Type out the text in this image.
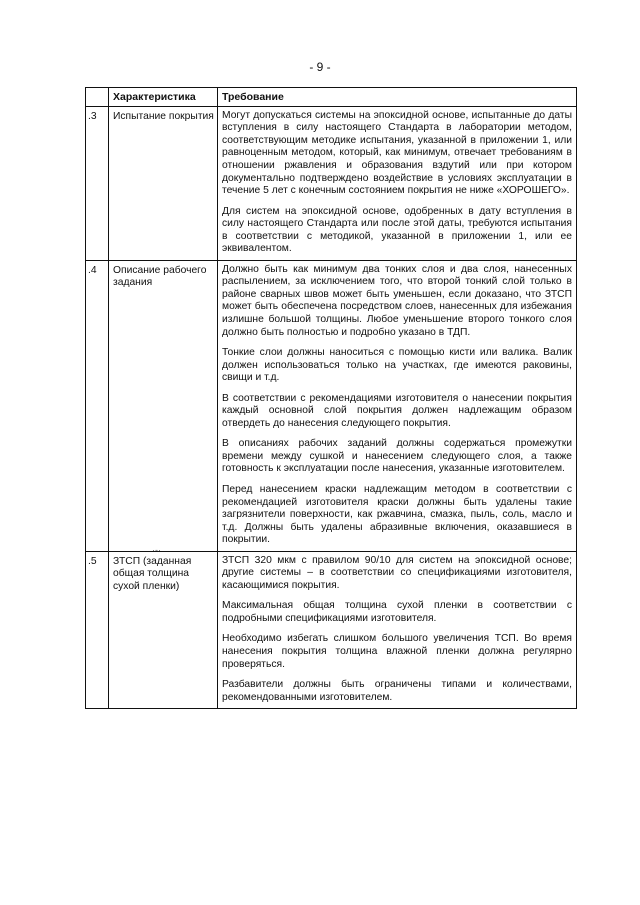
- 9 -
	Характеристика	Требование
.3	Испытание покрытия	Могут допускаться системы на эпоксидной основе, испытанные до даты вступления в силу настоящего Стандарта в лаборатории методом, соответствующим методике испытания, указанной в приложении 1, или равноценным методом, который, как минимум, отвечает требованиям в отношении ржавления и образования вздутий или при котором документально подтверждено воздействие в условиях эксплуатации в течение 5 лет с конечным состоянием покрытия не ниже «ХОРОШЕГО».

Для систем на эпоксидной основе, одобренных в дату вступления в силу настоящего Стандарта или после этой даты, требуются испытания в соответствии с методикой, указанной в приложении 1, или ее эквивалентом.

.4	Описание рабочего задания	Должно быть как минимум два тонких слоя и два слоя, нанесенных распылением, за исключением того, что второй тонкий слой только в районе сварных швов может быть уменьшен, если доказано, что ЗТСП может быть обеспечена посредством слоев, нанесенных для избежания излишне большой толщины. Любое уменьшение второго тонкого слоя должно быть полностью и подробно указано в ТДП.

Тонкие слои должны наноситься с помощью кисти или валика. Валик должен использоваться только на участках, где имеются раковины, свищи и т.д.

В соответствии с рекомендациями изготовителя о нанесении покрытия каждый основной слой покрытия должен надлежащим образом отвердеть до нанесения следующего покрытия.

В описаниях рабочих заданий должны содержаться промежутки времени между сушкой и нанесением следующего слоя, а также готовность к эксплуатации после нанесения, указанные изготовителем.

Перед нанесением краски надлежащим методом в соответствии с рекомендацией изготовителя краски должны быть удалены такие загрязнители поверхности, как ржавчина, смазка, пыль, соль, масло и т.д. Должны быть удалены абразивные включения, оказавшиеся в покрытии.

.5	ЗТСП (заданная общая толщина сухой пленки)	ЗТСП 320 мкм с правилом 90/10 для систем на эпоксидной основе; другие системы – в соответствии со спецификациями изготовителя, касающимися покрытия.

Максимальная общая толщина сухой пленки в соответствии с подробными спецификациями изготовителя.

Необходимо избегать слишком большого увеличения ТСП. Во время нанесения покрытия толщина влажной пленки должна регулярно проверяться.

Разбавители должны быть ограничены типами и количествами, рекомендованными изготовителем.

·-·
